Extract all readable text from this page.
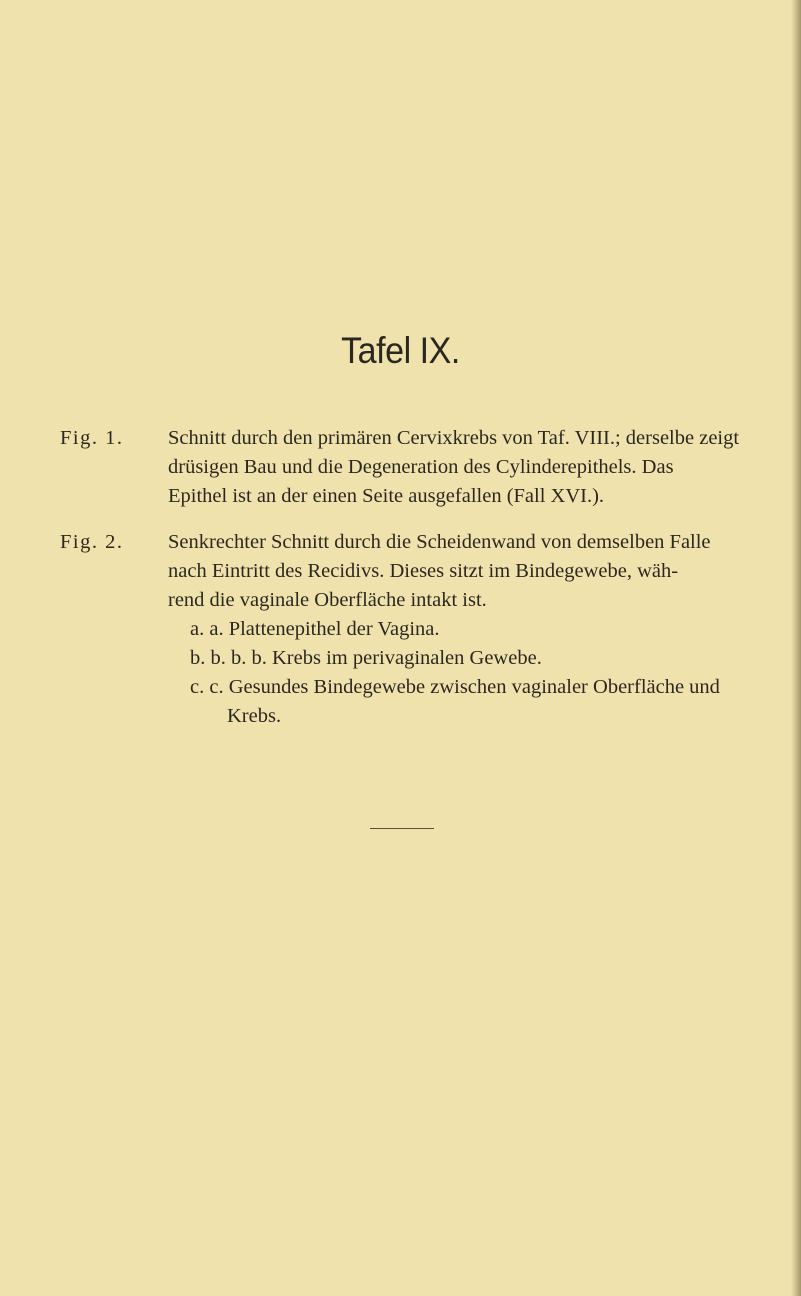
Tafel IX.
Fig. 1.	Schnitt durch den primären Cervixkrebs von Taf. VIII.; derselbe zeigt
drüsigen Bau und die Degeneration des Cylinderepithels. Das
Epithel ist an der einen Seite ausgefallen (Fall XVI.).
Fig. 2.	Senkrechter Schnitt durch die Scheidenwand von demselben Falle
nach Eintritt des Recidivs. Dieses sitzt im Bindegewebe, wäh-
rend die vaginale Oberfläche intakt ist.
a. a. Plattenepithel der Vagina.
b. b. b. b. Krebs im perivaginalen Gewebe.
c. c. Gesundes Bindegewebe zwischen vaginaler Oberfläche und
Krebs.
